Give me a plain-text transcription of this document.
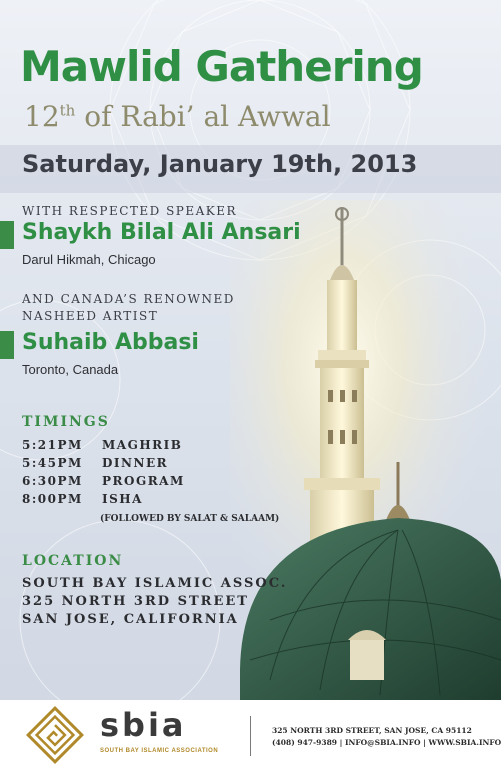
Mawlid Gathering
12th of Rabi’ al Awwal
Saturday, January 19th, 2013
WITH RESPECTED SPEAKER
Shaykh Bilal Ali Ansari
Darul Hikmah, Chicago
AND CANADA’S RENOWNED
NASHEED ARTIST
Suhaib Abbasi
Toronto, Canada
TIMINGS
5:21PM MAGHRIB
5:45PM DINNER
6:30PM PROGRAM
8:00PM ISHA
(FOLLOWED BY SALAT & SALAAM)
LOCATION
SOUTH BAY ISLAMIC ASSOC.
325 NORTH 3RD STREET
SAN JOSE, CALIFORNIA
sbia
SOUTH BAY ISLAMIC ASSOCIATION
325 NORTH 3RD STREET, SAN JOSE, CA 95112
(408) 947-9389 | INFO@SBIA.INFO | WWW.SBIA.INFO
